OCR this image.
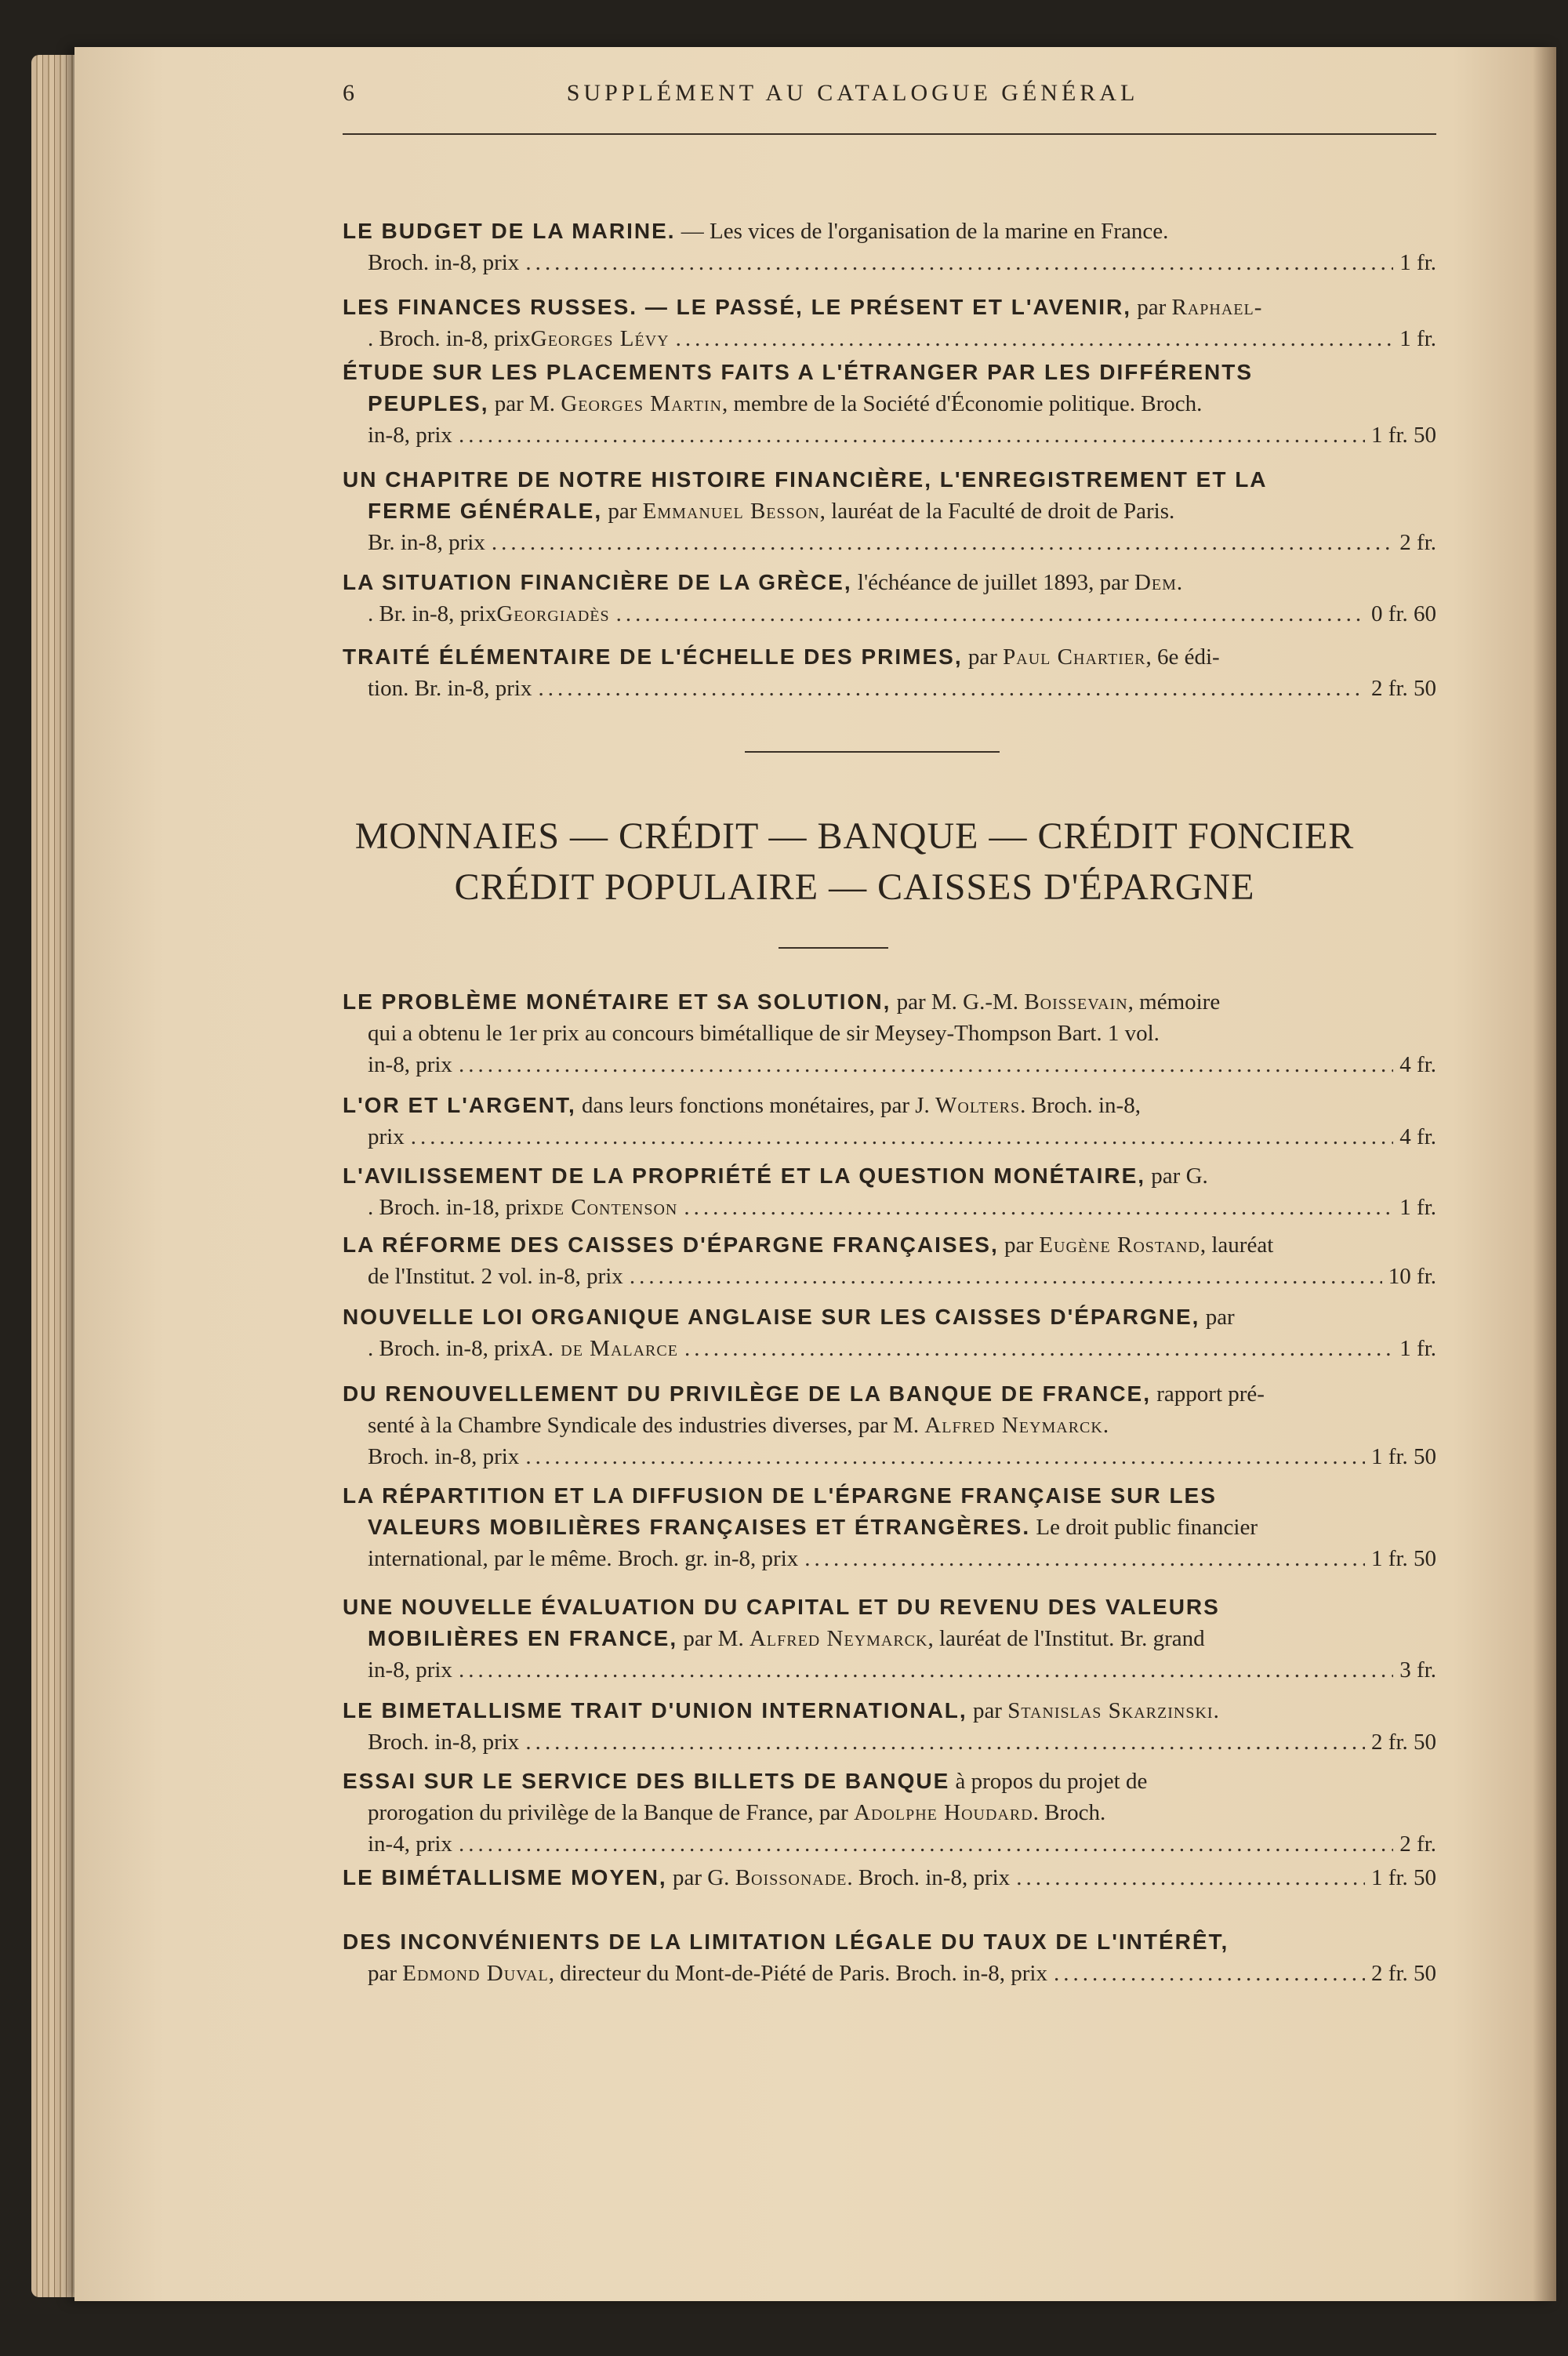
6	SUPPLÉMENT AU CATALOGUE GÉNÉRAL
LE BUDGET DE LA MARINE. — Les vices de l'organisation de la marine en France.
Broch. in-8, prix .....	1 fr.
LES FINANCES RUSSES. — LE PASSÉ, LE PRÉSENT ET L'AVENIR, par Raphael-
. Broch. in-8, prixGeorges Lévy .....	1 fr.
ÉTUDE SUR LES PLACEMENTS FAITS A L'ÉTRANGER PAR LES DIFFÉRENTS
PEUPLES, par M. Georges Martin, membre de la Société d'Économie politique. Broch.
in-8, prix .....	1 fr. 50
UN CHAPITRE DE NOTRE HISTOIRE FINANCIÈRE, L'ENREGISTREMENT ET LA
FERME GÉNÉRALE, par Emmanuel Besson, lauréat de la Faculté de droit de Paris.
Br. in-8, prix .....	2 fr.
LA SITUATION FINANCIÈRE DE LA GRÈCE, l'échéance de juillet 1893, par Dem.
. Br. in-8, prixGeorgiadès .....	0 fr. 60
TRAITÉ ÉLÉMENTAIRE DE L'ÉCHELLE DES PRIMES, par Paul Chartier, 6e édi-
tion. Br. in-8, prix .....	2 fr. 50
MONNAIES — CRÉDIT — BANQUE — CRÉDIT FONCIER
CRÉDIT POPULAIRE — CAISSES D'ÉPARGNE
LE PROBLÈME MONÉTAIRE ET SA SOLUTION, par M. G.-M. Boissevain, mémoire
qui a obtenu le 1er prix au concours bimétallique de sir Meysey-Thompson Bart. 1 vol.
in-8, prix .....	4 fr.
L'OR ET L'ARGENT, dans leurs fonctions monétaires, par J. Wolters. Broch. in-8,
prix .....	4 fr.
L'AVILISSEMENT DE LA PROPRIÉTÉ ET LA QUESTION MONÉTAIRE, par G.
. Broch. in-18, prixde Contenson .....	1 fr.
LA RÉFORME DES CAISSES D'ÉPARGNE FRANÇAISES, par Eugène Rostand, lauréat
de l'Institut. 2 vol. in-8, prix .....	10 fr.
NOUVELLE LOI ORGANIQUE ANGLAISE SUR LES CAISSES D'ÉPARGNE, par
. Broch. in-8, prixA. de Malarce .....	1 fr.
DU RENOUVELLEMENT DU PRIVILÈGE DE LA BANQUE DE FRANCE, rapport pré-
senté à la Chambre Syndicale des industries diverses, par M. Alfred Neymarck.
Broch. in-8, prix .....	1 fr. 50
LA RÉPARTITION ET LA DIFFUSION DE L'ÉPARGNE FRANÇAISE SUR LES
VALEURS MOBILIÈRES FRANÇAISES ET ÉTRANGÈRES. Le droit public financier
international, par le même. Broch. gr. in-8, prix .....	1 fr. 50
UNE NOUVELLE ÉVALUATION DU CAPITAL ET DU REVENU DES VALEURS
MOBILIÈRES EN FRANCE, par M. Alfred Neymarck, lauréat de l'Institut. Br. grand
in-8, prix .....	3 fr.
LE BIMETALLISME TRAIT D'UNION INTERNATIONAL, par Stanislas Skarzinski.
Broch. in-8, prix .....	2 fr. 50
ESSAI SUR LE SERVICE DES BILLETS DE BANQUE à propos du projet de
prorogation du privilège de la Banque de France, par Adolphe Houdard. Broch.
in-4, prix .....	2 fr.
LE BIMÉTALLISME MOYEN, par G. Boissonade. Broch. in-8, prix .....	1 fr. 50
DES INCONVÉNIENTS DE LA LIMITATION LÉGALE DU TAUX DE L'INTÉRÊT,
par Edmond Duval, directeur du Mont-de-Piété de Paris. Broch. in-8, prix .....	2 fr. 50
